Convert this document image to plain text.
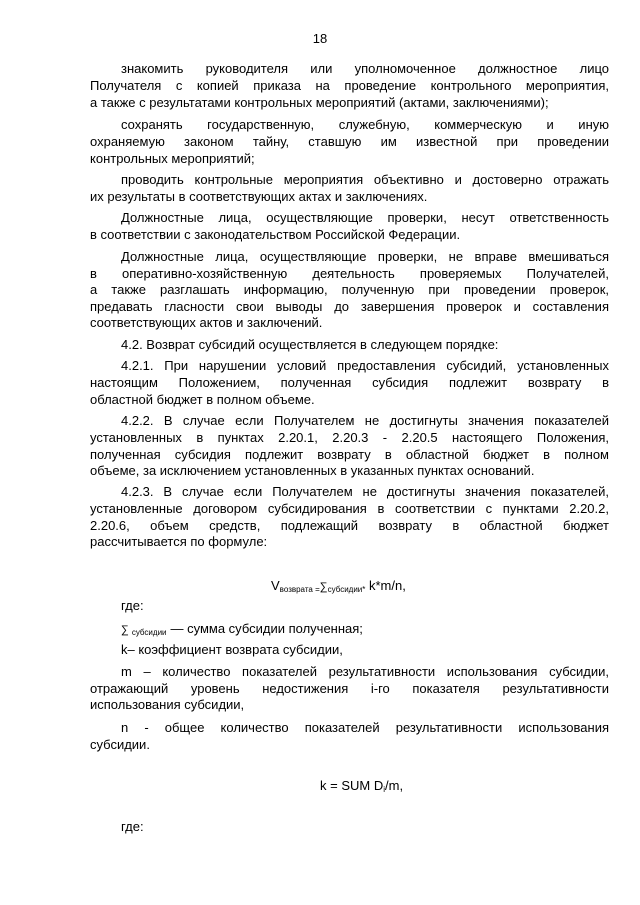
18
знакомить руководителя или уполномоченное должностное лицо
Получателя с копией приказа на проведение контрольного мероприятия,
а также с результатами контрольных мероприятий (актами, заключениями);
сохранять государственную, служебную, коммерческую и иную
охраняемую законом тайну, ставшую им известной при проведении
контрольных мероприятий;
проводить контрольные мероприятия объективно и достоверно отражать
их результаты в соответствующих актах и заключениях.
Должностные лица, осуществляющие проверки, несут ответственность
в соответствии с законодательством Российской Федерации.
Должностные лица, осуществляющие проверки, не вправе вмешиваться
в оперативно-хозяйственную деятельность проверяемых Получателей,
а также разглашать информацию, полученную при проведении проверок,
предавать гласности свои выводы до завершения проверок и составления
соответствующих актов и заключений.
4.2. Возврат субсидий осуществляется в следующем порядке:
4.2.1. При нарушении условий предоставления субсидий, установленных
настоящим Положением, полученная субсидия подлежит возврату в
областной бюджет в полном объеме.
4.2.2. В случае если Получателем не достигнуты значения показателей
установленных в пунктах 2.20.1, 2.20.3 - 2.20.5 настоящего Положения,
полученная субсидия подлежит возврату в областной бюджет в полном
объеме, за исключением установленных в указанных пунктах оснований.
4.2.3. В случае если Получателем не достигнуты значения показателей,
установленные договором субсидирования в соответствии с пунктами 2.20.2,
2.20.6, объем средств, подлежащий возврату в областной бюджет
рассчитывается по формуле:
$V_{возврата}$ $_=\sum_{субсидии*}$ k*m/n,
где:
∑ $_{субсидии}$ — сумма субсидии полученная;
k– коэффициент возврата субсидии,
m – количество показателей результативности использования субсидии,
отражающий уровень недостижения i-го показателя результативности
использования субсидии,
n - общее количество показателей результативности использования
субсидии.
k = SUM $D_i/m$,
где:
